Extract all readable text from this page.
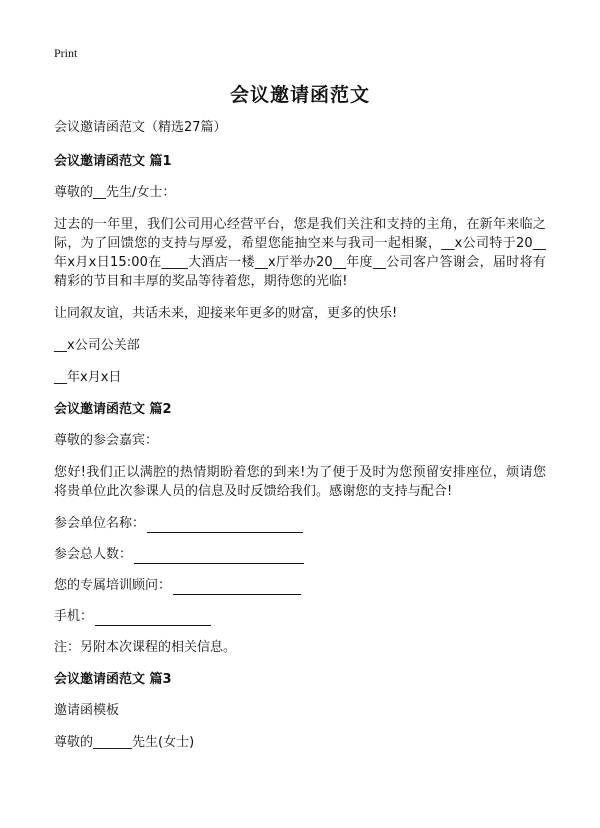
Print
会议邀请函范文

会议邀请函范文（精选27篇）

会议邀请函范文 篇1

尊敬的__先生/女士：

过去的一年里，我们公司用心经营平台，您是我们关注和支持的主角，在新年来临之际，为了回馈您的支持与厚爱，希望您能抽空来与我司一起相聚，__x公司特于20__年x月x日15:00在____大酒店一楼__x厅举办20__年度__公司客户答谢会，届时将有精彩的节目和丰厚的奖品等待着您，期待您的光临!

让同叙友谊，共话未来，迎接来年更多的财富，更多的快乐!

__x公司公关部

__年x月x日

会议邀请函范文 篇2

尊敬的参会嘉宾：

您好!我们正以满腔的热情期盼着您的到来!为了便于及时为您预留安排座位，烦请您将贵单位此次参课人员的信息及时反馈给我们。感谢您的支持与配合!

参会单位名称：
参会总人数：
您的专属培训顾问：
手机：

注：另附本次课程的相关信息。

会议邀请函范文 篇3

邀请函模板

尊敬的______先生(女士)
